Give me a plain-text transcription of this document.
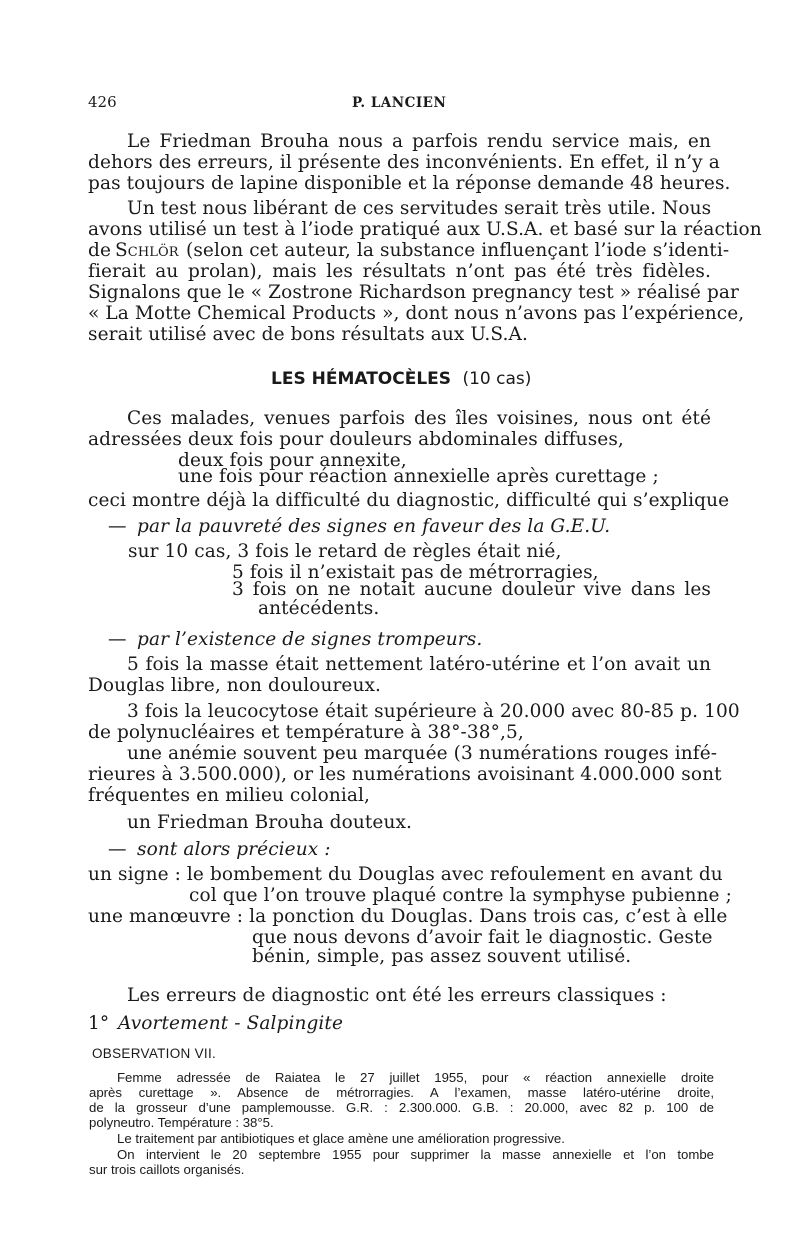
426	P. LANCIEN
Le Friedman Brouha nous a parfois rendu service mais, en
dehors des erreurs, il présente des inconvénients. En effet, il n’y a
pas toujours de lapine disponible et la réponse demande 48 heures.
Un test nous libérant de ces servitudes serait très utile. Nous
avons utilisé un test à l’iode pratiqué aux U.S.A. et basé sur la réaction
de Schlör (selon cet auteur, la substance influençant l’iode s’identi-
fierait au prolan), mais les résultats n’ont pas été très fidèles.
Signalons que le « Zostrone Richardson pregnancy test » réalisé par
« La Motte Chemical Products », dont nous n’avons pas l’expérience,
serait utilisé avec de bons résultats aux U.S.A.
LES HÉMATOCÈLES (10 cas)
Ces malades, venues parfois des îles voisines, nous ont été
adressées deux fois pour douleurs abdominales diffuses,
deux fois pour annexite,
une fois pour réaction annexielle après curettage ;
ceci montre déjà la difficulté du diagnostic, difficulté qui s’explique
— par la pauvreté des signes en faveur des la G.E.U.
sur 10 cas, 3 fois le retard de règles était nié,
5 fois il n’existait pas de métrorragies,
3 fois on ne notait aucune douleur vive dans les
antécédents.
— par l’existence de signes trompeurs.
5 fois la masse était nettement latéro-utérine et l’on avait un
Douglas libre, non douloureux.
3 fois la leucocytose était supérieure à 20.000 avec 80-85 p. 100
de polynucléaires et température à 38°-38°,5,
une anémie souvent peu marquée (3 numérations rouges infé-
rieures à 3.500.000), or les numérations avoisinant 4.000.000 sont
fréquentes en milieu colonial,
un Friedman Brouha douteux.
— sont alors précieux :
un signe : le bombement du Douglas avec refoulement en avant du
col que l’on trouve plaqué contre la symphyse pubienne ;
une manœuvre : la ponction du Douglas. Dans trois cas, c’est à elle
que nous devons d’avoir fait le diagnostic. Geste
bénin, simple, pas assez souvent utilisé.
Les erreurs de diagnostic ont été les erreurs classiques :
1° Avortement - Salpingite
OBSERVATION VII.
Femme adressée de Raiatea le 27 juillet 1955, pour « réaction annexielle droite
après curettage ». Absence de métrorragies. A l’examen, masse latéro-utérine droite,
de la grosseur d’une pamplemousse. G.R. : 2.300.000. G.B. : 20.000, avec 82 p. 100 de
polyneutro. Température : 38°5.
Le traitement par antibiotiques et glace amène une amélioration progressive.
On intervient le 20 septembre 1955 pour supprimer la masse annexielle et l’on tombe
sur trois caillots organisés.
